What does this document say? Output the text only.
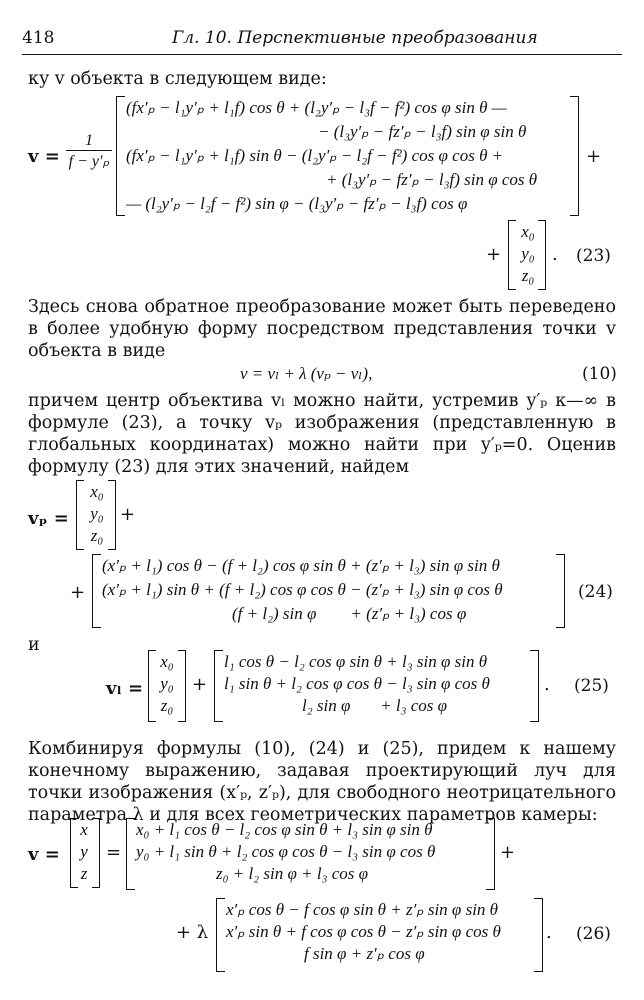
418	Гл. 10. Перспективные преобразования

ку v объекта в следующем виде:

$v = \frac{1}{\text{f − y′ₚ}}$
(fx′ₚ − l₁y′ₚ + l₁f) cos θ + (l₂y′ₚ − l₃f − f²) cos φ sin θ —
− (l₃y′ₚ − fz′ₚ − l₃f) sin φ sin θ
(fx′ₚ − l₁y′ₚ + l₁f) sin θ − (l₂y′ₚ − l₂f − f²) cos φ cos θ +
+ (l₃y′ₚ − fz′ₚ − l₃f) sin φ cos θ
— (l₂y′ₚ − l₂f − f²) sin φ − (l₃y′ₚ − fz′ₚ − l₃f) cos φ
+
+
x₀
y₀
z₀
. (23)

Здесь снова обратное преобразование может быть переведено в более удобную форму посредством представления точки v объекта в виде

v = vₗ + λ (vₚ − vₗ),	(10)

причем центр объектива vₗ можно найти, устремив y′ₚ к—∞ в формуле (23), а точку vₚ изображения (представленную в глобальных координатах) можно найти при y′ₚ=0. Оценив формулу (23) для этих значений, найдем

vₚ =
x₀
y₀
z₀
+
+
(x′ₚ + l₁) cos θ − (f + l₂) cos φ sin θ + (z′ₚ + l₃) sin φ sin θ
(x′ₚ + l₁) sin θ + (f + l₂) cos φ cos θ − (z′ₚ + l₃) sin φ cos θ
(f + l₂) sin φ        + (z′ₚ + l₃) cos φ
(24)

и

vₗ =
x₀
y₀
z₀
+
l₁ cos θ − l₂ cos φ sin θ + l₃ sin φ sin θ
l₁ sin θ + l₂ cos φ cos θ − l₃ sin φ cos θ
l₂ sin φ       + l₃ cos φ
. (25)

Комбинируя формулы (10), (24) и (25), придем к нашему конечному выражению, задавая проектирующий луч для точки изображения (x′ₚ, z′ₚ), для свободного неотрицательного параметра λ и для всех геометрических параметров камеры:

v =
x
y
z
=
x₀ + l₁ cos θ − l₂ cos φ sin θ + l₃ sin φ sin θ
y₀ + l₁ sin θ + l₂ cos φ cos θ − l₃ sin φ cos θ
z₀ + l₂ sin φ + l₃ cos φ
+
+ λ
x′ₚ cos θ − f cos φ sin θ + z′ₚ sin φ sin θ
x′ₚ sin θ + f cos φ cos θ − z′ₚ sin φ cos θ
f sin φ + z′ₚ cos φ
. (26)
